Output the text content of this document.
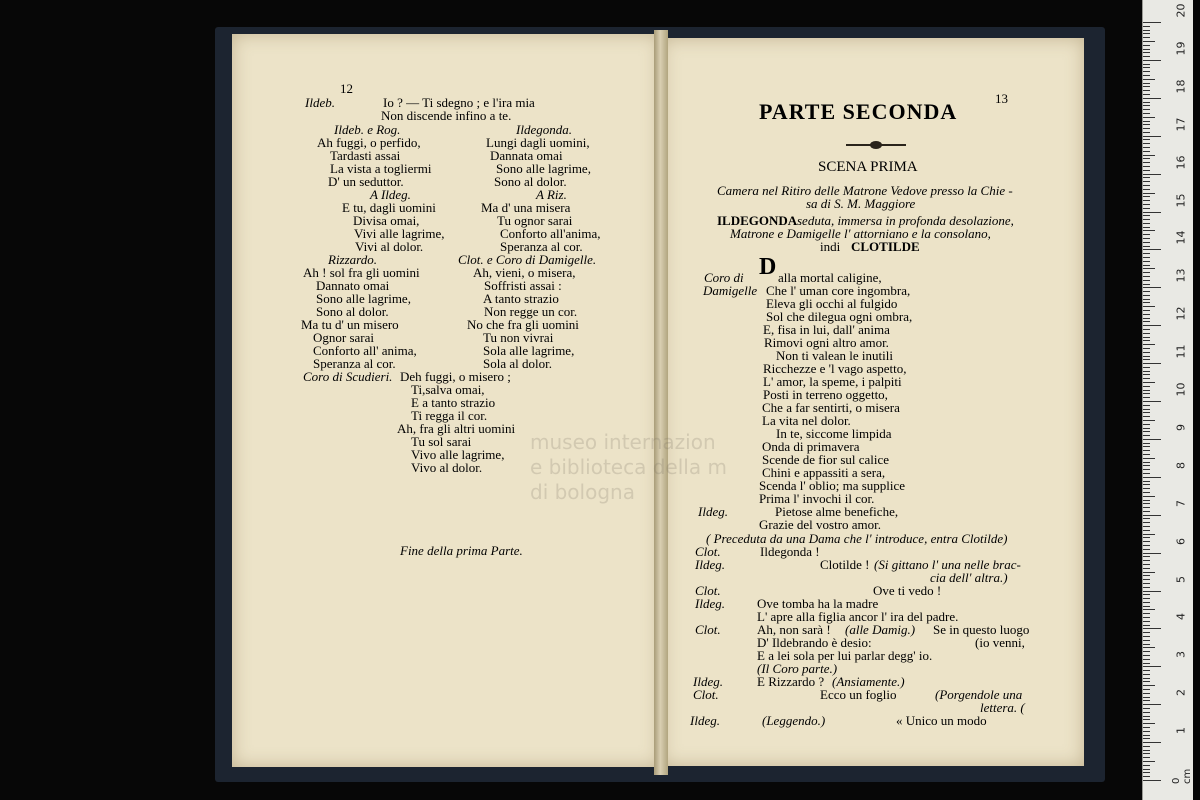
12
Ildeb.	Io ? — Ti sdegno ; e l'ira mia
Non discende infino a te.
Ildeb. e Rog.	Ildegonda.
Ah fuggi, o perfido,	Lungi dagli uomini,
Tardasti assai	Dannata omai
La vista a togliermi	Sono alle lagrime,
D' un seduttor.	Sono al dolor.
A Ildeg.	A Riz.
E tu, dagli uomini	Ma d' una misera
Divisa omai,	Tu ognor sarai
Vivi alle lagrime,	Conforto all'anima,
Vivi al dolor.	Speranza al cor.
Rizzardo.	Clot. e Coro di Damigelle.
Ah ! sol fra gli uomini	Ah, vieni, o misera,
Dannato omai	Soffristi assai :
Sono alle lagrime,	A tanto strazio
Sono al dolor.	Non regge un cor.
Ma tu d' un misero	No che fra gli uomini
Ognor sarai	Tu non vivrai
Conforto all' anima,	Sola alle lagrime,
Speranza al cor.	Sola al dolor.
Coro di Scudieri. Deh fuggi, o misero ;
Ti,salva omai,
E a tanto strazio
Ti regga il cor.
Ah, fra gli altri uomini
Tu sol sarai
Vivo alle lagrime,
Vivo al dolor.
Fine della prima Parte.
13
PARTE SECONDA
SCENA PRIMA
D
Camera nel Ritiro delle Matrone Vedove presso la Chie -
sa di S. M. Maggiore
ILDEGONDA seduta, immersa in profonda desolazione,
Matrone e Damigelle l' attorniano e la consolano,
indi CLOTILDE
Coro di	alla mortal caligine,
Damigelle Che l' uman core ingombra,
Eleva gli occhi al fulgido
Sol che dilegua ogni ombra,
E, fisa in lui, dall' anima
Rimovi ogni altro amor.
Non ti valean le inutili
Ricchezze e 'l vago aspetto,
L' amor, la speme, i palpiti
Posti in terreno oggetto,
Che a far sentirti, o misera
La vita nel dolor.
In te, siccome limpida
Onda di primavera
Scende de fior sul calice
Chini e appassiti a sera,
Scenda l' oblio; ma supplice
Prima l' invochi il cor.
Ildeg.	Pietose alme benefiche,
Grazie del vostro amor.
( Preceduta da una Dama che l' introduce, entra Clotilde)
Clot.	Ildegonda !
Ildeg.	Clotilde ! (Si gittano l' una nelle brac-
cia dell' altra.)
Clot.	Ove ti vedo !
Ildeg. Ove tomba ha la madre
L' apre alla figlia ancor l' ira del padre.
Clot.	Ah, non sarà ! (alle Damig.) Se in questo luogo
D' Ildebrando è desio:	(io venni,
E a lei sola per lui parlar degg' io.
(Il Coro parte.)
Ildeg.	E Rizzardo ? (Ansiamente.)
Clot.	Ecco un foglio	(Porgendole una
lettera. (
Ildeg.	(Leggendo.)	« Unico un modo
museo internazion
e biblioteca della m
di bologna
0 cm
20
19
18
17
16
15
14
13
12
11
10
9
8
7
6
5
4
3
2
1
